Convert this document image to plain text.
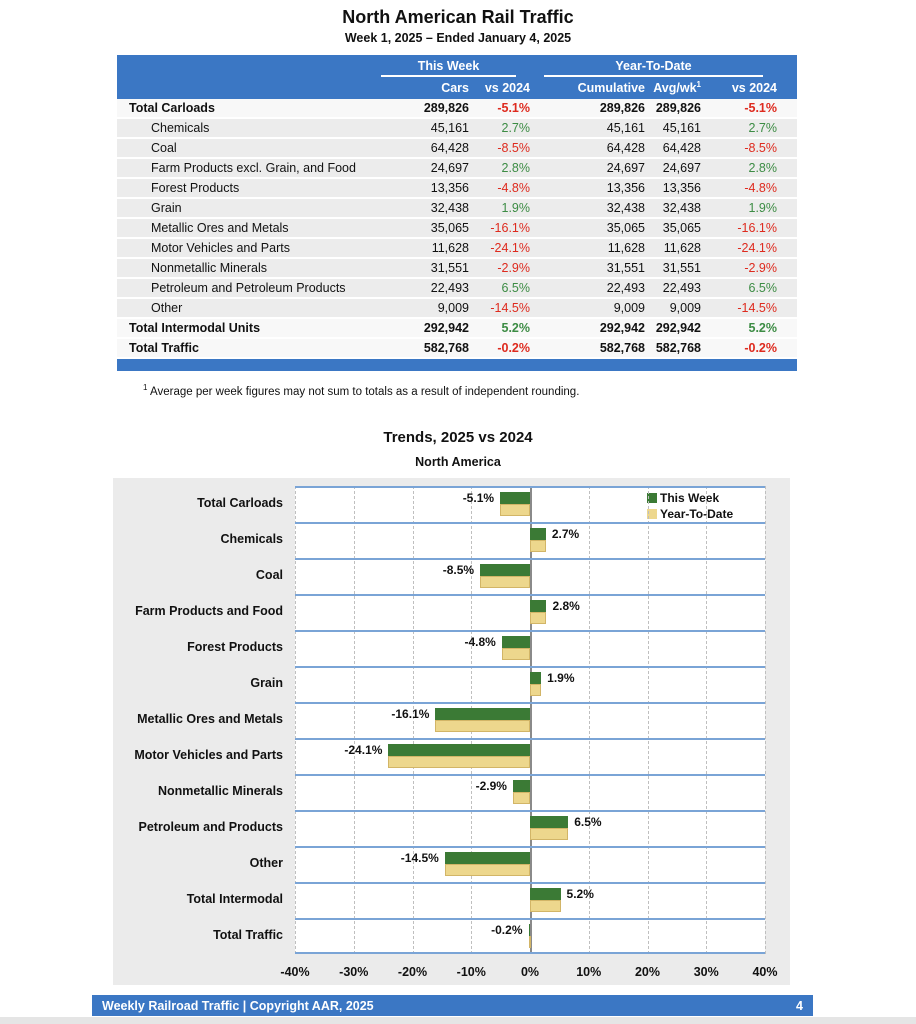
North American Rail Traffic
Week 1, 2025 – Ended January 4, 2025
This Week	Year-To-Date
Cars	vs 2024	Cumulative Avg/$wk^1$	vs 2024
Total Carloads	289,826	-5.1%	289,826 289,826	-5.1%
Chemicals	45,161	2.7%	45,161	45,161	2.7%
Coal	64,428	-8.5%	64,428	64,428	-8.5%
Farm Products excl. Grain, and Food	24,697	2.8%	24,697	24,697	2.8%
Forest Products	13,356	-4.8%	13,356	13,356	-4.8%
Grain	32,438	1.9%	32,438	32,438	1.9%
Metallic Ores and Metals	35,065	-16.1%	35,065	35,065	-16.1%
Motor Vehicles and Parts	11,628	-24.1%	11,628	11,628	-24.1%
Nonmetallic Minerals	31,551	-2.9%	31,551	31,551	-2.9%
Petroleum and Petroleum Products	22,493	6.5%	22,493	22,493	6.5%
Other	9,009	-14.5%	9,009	9,009	-14.5%
Total Intermodal Units	292,942	5.2%	292,942 292,942	5.2%
Total Traffic	582,768	-0.2%	582,768 582,768	-0.2%
$^1$ Average per week figures may not sum to totals as a result of independent rounding.
Trends, 2025 vs 2024
North America
This Week
Year-To-Date
-5.1%
2.7%
-8.5%
2.8%
-4.8%
1.9%
-16.1%
-24.1%
-2.9%
6.5%
-14.5%
5.2%
-0.2%
-40%	-30%	-20%	-10%	0%	10%	20%	30%	40%
Total Carloads
Chemicals
Coal
Farm Products and Food
Forest Products
Grain
Metallic Ores and Metals
Motor Vehicles and Parts
Nonmetallic Minerals
Petroleum and Products
Other
Total Intermodal
Total Traffic
Weekly Railroad Traffic | Copyright AAR, 2025	4
